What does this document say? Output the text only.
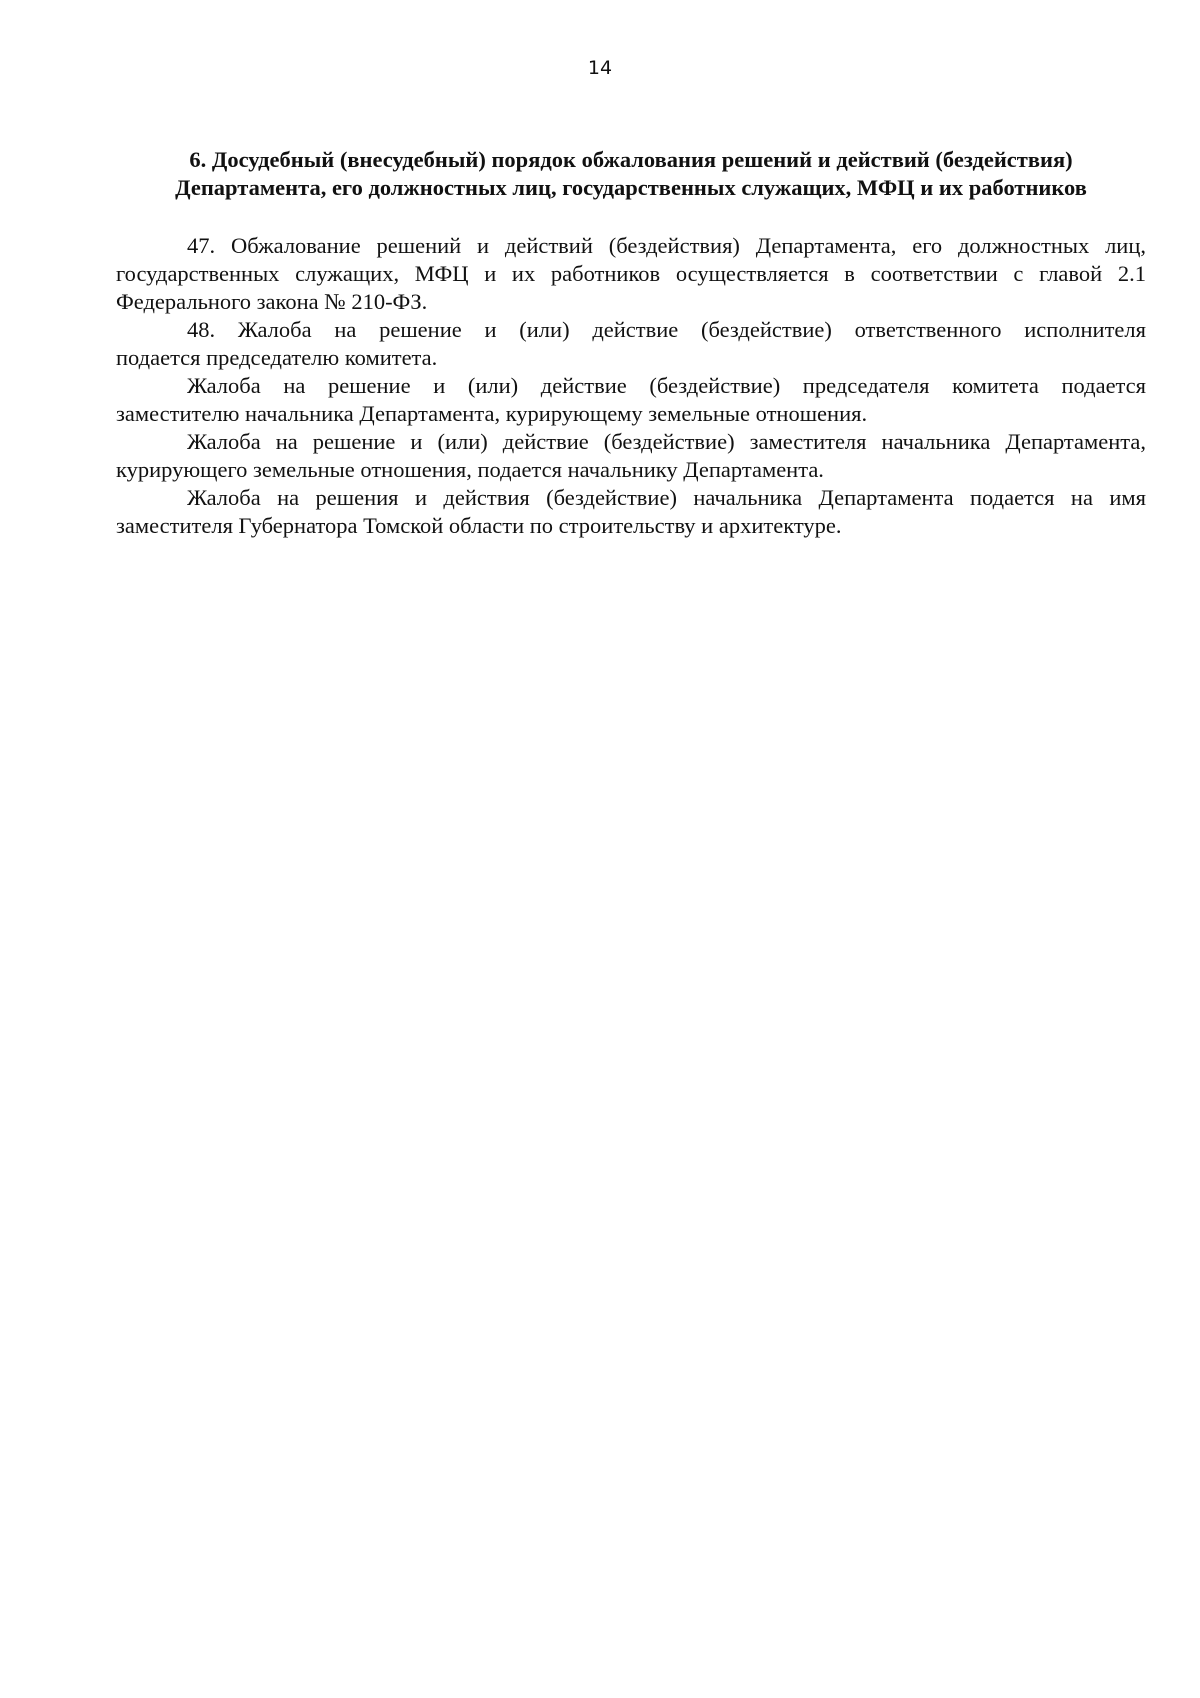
14
6. Досудебный (внесудебный) порядок обжалования решений и действий (бездействия)
Департамента, его должностных лиц, государственных служащих, МФЦ и их работников

47. Обжалование решений и действий (бездействия) Департамента, его должностных лиц,
государственных служащих, МФЦ и их работников осуществляется в соответствии с главой 2.1
Федерального закона № 210-ФЗ.

48. Жалоба на решение и (или) действие (бездействие) ответственного исполнителя
подается председателю комитета.

Жалоба на решение и (или) действие (бездействие) председателя комитета подается
заместителю начальника Департамента, курирующему земельные отношения.

Жалоба на решение и (или) действие (бездействие) заместителя начальника Департамента,
курирующего земельные отношения, подается начальнику Департамента.

Жалоба на решения и действия (бездействие) начальника Департамента подается на имя
заместителя Губернатора Томской области по строительству и архитектуре.
